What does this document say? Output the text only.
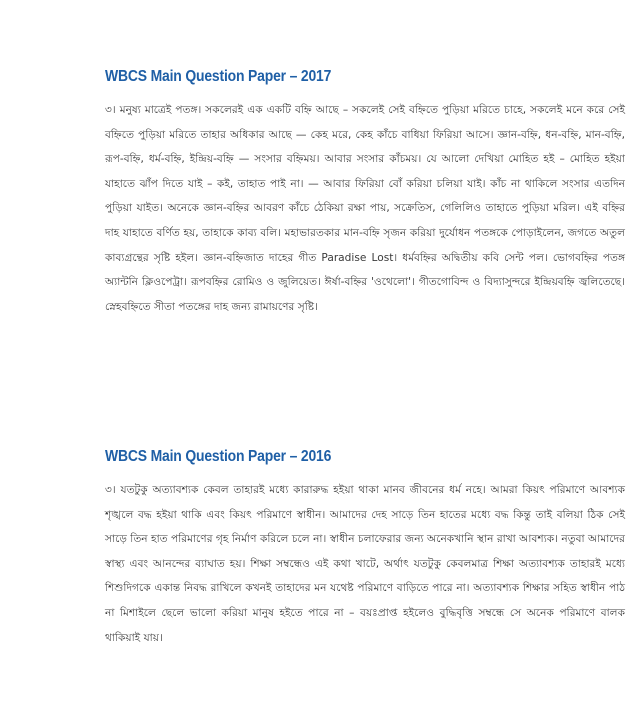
WBCS Main Question Paper – 2017

৩। মনুষ্য মাত্রেই পতঙ্গ। সকলেরই এক একটি বহ্নি আছে – সকলেই সেই বহ্নিতে পুড়িয়া মরিতে চাহে, সকলেই মনে করে সেই বহ্নিতে পুড়িয়া মরিতে তাহার অধিকার আছে — কেহ মরে, কেহ কাঁচে বাধিয়া ফিরিয়া আসে। জ্ঞান-বহ্নি, ধন-বহ্নি, মান-বহ্নি, রূপ-বহ্নি, ধর্ম-বহ্নি, ইন্দ্রিয়-বহ্নি — সংসার বহ্নিময়। আবার সংসার কাঁচময়। যে আলো দেখিয়া মোহিত হই – মোহিত হইয়া যাহাতে ঝাঁপ দিতে যাই – কই, তাহাত পাই না। — আবার ফিরিয়া বোঁ করিয়া চলিয়া যাই। কাঁচ না থাকিলে সংসার এতদিন পুড়িয়া যাইত। অনেকে জ্ঞান-বহ্নির আবরণ কাঁচে ঠেকিয়া রক্ষা পায়, সক্রেতিস, গেলিলিও তাহাতে পুড়িয়া মরিল। এই বহ্নির দাহ যাহাতে বর্ণিত হয়, তাহাকে কাব্য বলি। মহাভারতকার মান-বহ্নি সৃজন করিয়া দুর্যোধন পতঙ্গকে পোড়াইলেন, জগতে অতুল কাব্যগ্রন্থের সৃষ্টি হইল। জ্ঞান-বহ্নিজাত দাহের গীত Paradise Lost। ধর্মবহ্নির অদ্বিতীয় কবি সেন্ট পল। ভোগবহ্নির পতঙ্গ অ্যান্টনি ক্লিওপেট্রা। রূপবহ্নির রোমিও ও জুলিয়েত। ঈর্ষা-বহ্নির 'ওথেলো'। গীতগোবিন্দ ও বিদ্যাসুন্দরে ইন্দ্রিয়বহ্নি জ্বলিতেছে। স্নেহবহ্নিতে সীতা পতঙ্গের দাহ জন্য রামায়ণের সৃষ্টি।

WBCS Main Question Paper – 2016

৩। যতটুকু অত্যাবশ্যক কেবল তাহারই মধ্যে কারারুদ্ধ হইয়া থাকা মানব জীবনের ধর্ম নহে। আমরা কিয়ৎ পরিমাণে আবশ্যক শৃঙ্খলে বদ্ধ হইয়া থাকি এবং কিয়ৎ পরিমাণে স্বাধীন। আমাদের দেহ সাড়ে তিন হাতের মধ্যে বদ্ধ কিন্তু তাই বলিয়া ঠিক সেই সাড়ে তিন হাত পরিমাণের গৃহ নির্মাণ করিলে চলে না। স্বাধীন চলাফেরার জন্য অনেকখানি স্থান রাখা আবশ্যক। নতুবা আমাদের স্বাস্থ্য এবং আনন্দের ব্যাঘাত হয়। শিক্ষা সম্বন্ধেও এই কথা খাটে, অর্থাৎ যতটুকু কেবলমাত্র শিক্ষা অত্যাবশ্যক তাহারই মধ্যে শিশুদিগকে একান্ত নিবদ্ধ রাখিলে কখনই তাহাদের মন যথেষ্ট পরিমাণে বাড়িতে পারে না। অত্যাবশ্যক শিক্ষার সহিত স্বাধীন পাঠ না মিশাইলে ছেলে ভালো করিয়া মানুষ হইতে পারে না – বয়ঃপ্রাপ্ত হইলেও বুদ্ধিবৃত্তি সম্বন্ধে সে অনেক পরিমাণে বালক থাকিয়াই যায়।
